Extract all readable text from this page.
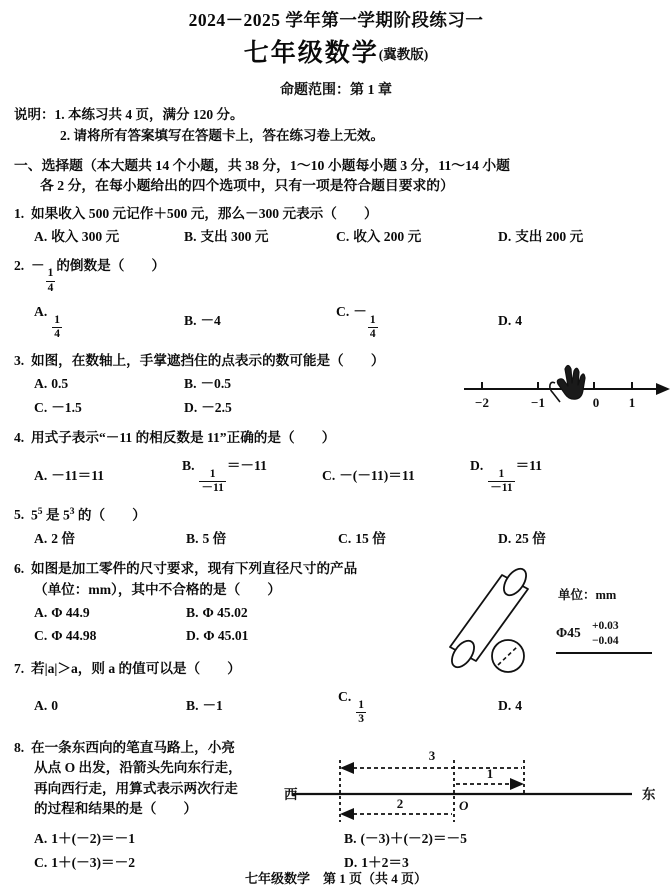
2024－2025 学年第一学期阶段练习一
七年级数学(冀教版)
命题范围：第 1 章
说明：1. 本练习共 4 页，满分 120 分。
2. 请将所有答案填写在答题卡上，答在练习卷上无效。
一、选择题（本大题共 14 个小题，共 38 分，1～10 小题每小题 3 分，11～14 小题
各 2 分，在每小题给出的四个选项中，只有一项是符合题目要求的）
1. 如果收入 500 元记作＋500 元，那么－300 元表示（　　）
A. 收入 300 元	B. 支出 300 元	C. 收入 200 元	D. 支出 200 元
2. －
$\frac{1}{4}$
的倒数是（　　）
A.
$\frac{1}{4}$	B. －4
C. －
$\frac{1}{4}$	D. 4
3. 如图，在数轴上，手掌遮挡住的点表示的数可能是（　　）
A. 0.5	B. －0.5
C. －1.5	D. －2.5	−2	−1	0 1
4. 用式子表示“－11 的相反数是 11”正确的是（　　）
A. －11＝11
B.
$\frac{1}{-11}$
＝－11
C. －(－11)＝11
D.
$\frac{1}{-11}$
＝11
5. $5^5$ 是 $5^3$ 的（　　）
A. 2 倍	B. 5 倍	C. 15 倍	D. 25 倍
6. 如图是加工零件的尺寸要求，现有下列直径尺寸的产品
（单位：mm），其中不合格的是（　　）
A. Φ 44.9	B. Φ 45.02
C. Φ 44.98	D. Φ 45.01
单位：mm
Φ45 +0.03
−0.04
7. 若|a|＞a，则 a 的值可以是（　　）
A. 0	B. －1
C.
$\frac{1}{3}$	D. 4
8. 在一条东西向的笔直马路上，小亮
从点 O 出发，沿箭头先向东行走，
再向西行走，用算式表示两次行走
的过程和结果的是（　　）
东
西
3
1
2	O
A. 1＋(－2)＝－1	B. (－3)＋(－2)＝－5
C. 1＋(－3)＝－2	D. 1＋2＝3
七年级数学　第 1 页（共 4 页）
